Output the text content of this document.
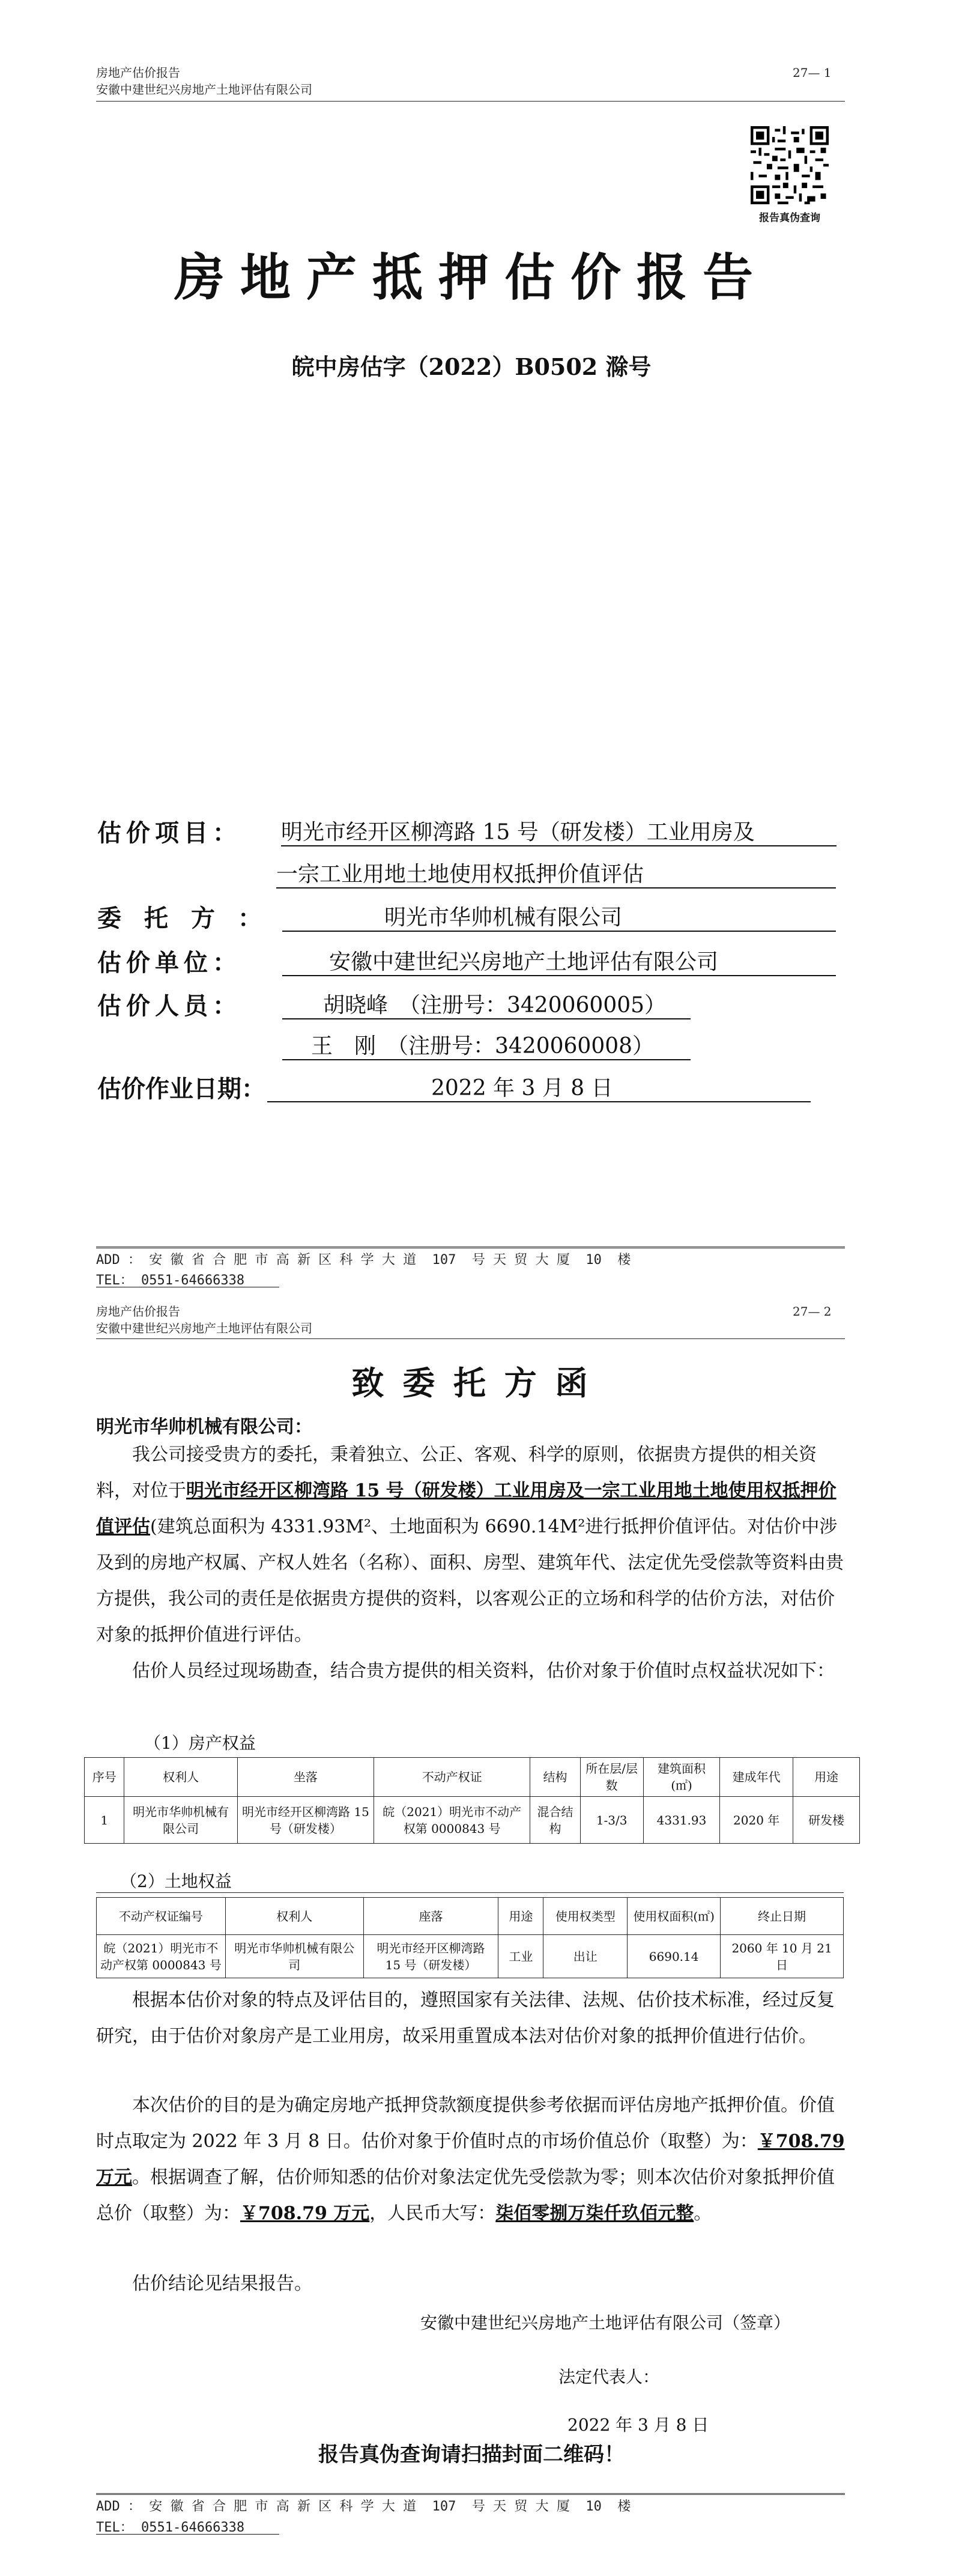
房地产估价报告
安徽中建世纪兴房地产土地评估有限公司
27— 1
报告真伪查询
房地产抵押估价报告
皖中房估字（2022）B0502 滁号
估价项目： 明光市经开区柳湾路 15 号（研发楼）工业用房及
一宗工业用地土地使用权抵押价值评估
委托方：	明光市华帅机械有限公司
估价单位：	安徽中建世纪兴房地产土地评估有限公司
估价人员：	胡晓峰　（注册号：3420060005）
王　刚　（注册号：3420060008）
估价作业日期：	2022 年 3 月 8 日
ADD ： 安 徽 省 合 肥 市 高 新 区 科 学 大 道  107  号 天 贸 大 厦  10  楼
TEL： 0551-64666338
房地产估价报告
安徽中建世纪兴房地产土地评估有限公司
27— 2
致 委 托 方 函
明光市华帅机械有限公司：
我公司接受贵方的委托，秉着独立、公正、客观、科学的原则，依据贵方提供的相关资料，对位于明光市经开区柳湾路 15 号（研发楼）工业用房及一宗工业用地土地使用权抵押价值评估(建筑总面积为 4331.93M²、土地面积为 6690.14M²进行抵押价值评估。对估价中涉及到的房地产权属、产权人姓名（名称）、面积、房型、建筑年代、法定优先受偿款等资料由贵方提供，我公司的责任是依据贵方提供的资料，以客观公正的立场和科学的估价方法，对估价对象的抵押价值进行评估。
估价人员经过现场勘查，结合贵方提供的相关资料，估价对象于价值时点权益状况如下：
（1）房产权益
序号	权利人	坐落	不动产权证	结构	所在层/层数	建筑面积(㎡)	建成年代	用途
1	明光市华帅机械有限公司	明光市经开区柳湾路 15 号（研发楼）	皖（2021）明光市不动产权第 0000843 号	混合结构	1-3/3	4331.93	2020 年	研发楼
（2）土地权益
不动产权证编号	权利人	座落	用途	使用权类型	使用权面积(㎡)	终止日期
皖（2021）明光市不动产权第 0000843 号	明光市华帅机械有限公司	明光市经开区柳湾路 15 号（研发楼）	工业	出让	6690.14	2060 年 10 月 21 日
根据本估价对象的特点及评估目的，遵照国家有关法律、法规、估价技术标准，经过反复研究，由于估价对象房产是工业用房，故采用重置成本法对估价对象的抵押价值进行估价。
本次估价的目的是为确定房地产抵押贷款额度提供参考依据而评估房地产抵押价值。价值时点取定为 2022 年 3 月 8 日。估价对象于价值时点的市场价值总价（取整）为：￥708.79 万元。根据调查了解，估价师知悉的估价对象法定优先受偿款为零；则本次估价对象抵押价值总价（取整）为：￥708.79 万元，人民币大写：柒佰零捌万柒仟玖佰元整。
估价结论见结果报告。
安徽中建世纪兴房地产土地评估有限公司（签章）
法定代表人：
2022 年 3 月 8 日
报告真伪查询请扫描封面二维码！
ADD ： 安 徽 省 合 肥 市 高 新 区 科 学 大 道  107  号 天 贸 大 厦  10  楼
TEL： 0551-64666338
